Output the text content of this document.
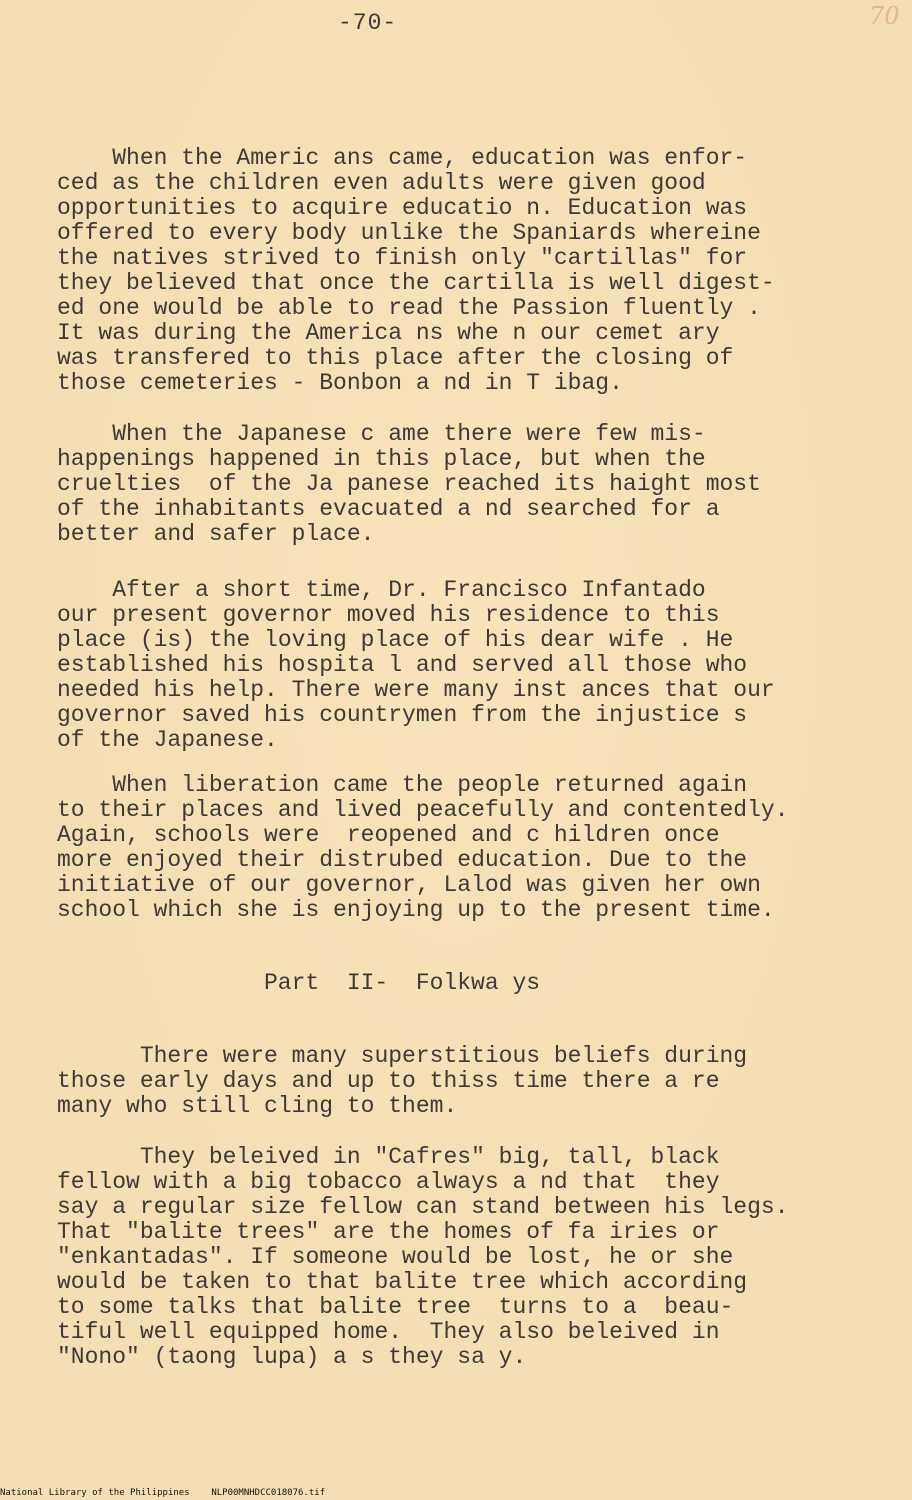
-70-	70
When the Americ ans came, education was enfor-
ced as the children even adults were given good
opportunities to acquire educatio n. Education was
offered to every body unlike the Spaniards whereine
the natives strived to finish only "cartillas" for
they believed that once the cartilla is well digest-
ed one would be able to read the Passion fluently .
It was during the America ns whe n our cemet ary
was transfered to this place after the closing of
those cemeteries - Bonbon a nd in T ibag.
When the Japanese c ame there were few mis-
happenings happened in this place, but when the
cruelties  of the Ja panese reached its haight most
of the inhabitants evacuated a nd searched for a
better and safer place.
After a short time, Dr. Francisco Infantado
our present governor moved his residence to this
place (is) the loving place of his dear wife . He
established his hospita l and served all those who
needed his help. There were many inst ances that our
governor saved his countrymen from the injustice s
of the Japanese.
When liberation came the people returned again
to their places and lived peacefully and contentedly.
Again, schools were  reopened and c hildren once
more enjoyed their distrubed education. Due to the
initiative of our governor, Lalod was given her own
school which she is enjoying up to the present time.
Part  II-  Folkwa ys
There were many superstitious beliefs during
those early days and up to thiss time there a re
many who still cling to them.
They beleived in "Cafres" big, tall, black
fellow with a big tobacco always a nd that  they
say a regular size fellow can stand between his legs.
That "balite trees" are the homes of fa iries or
"enkantadas". If someone would be lost, he or she
would be taken to that balite tree which according
to some talks that balite tree  turns to a  beau-
tiful well equipped home.  They also beleived in
"Nono" (taong lupa) a s they sa y.
National Library of the Philippines    NLP00MNHDCC018076.tif
